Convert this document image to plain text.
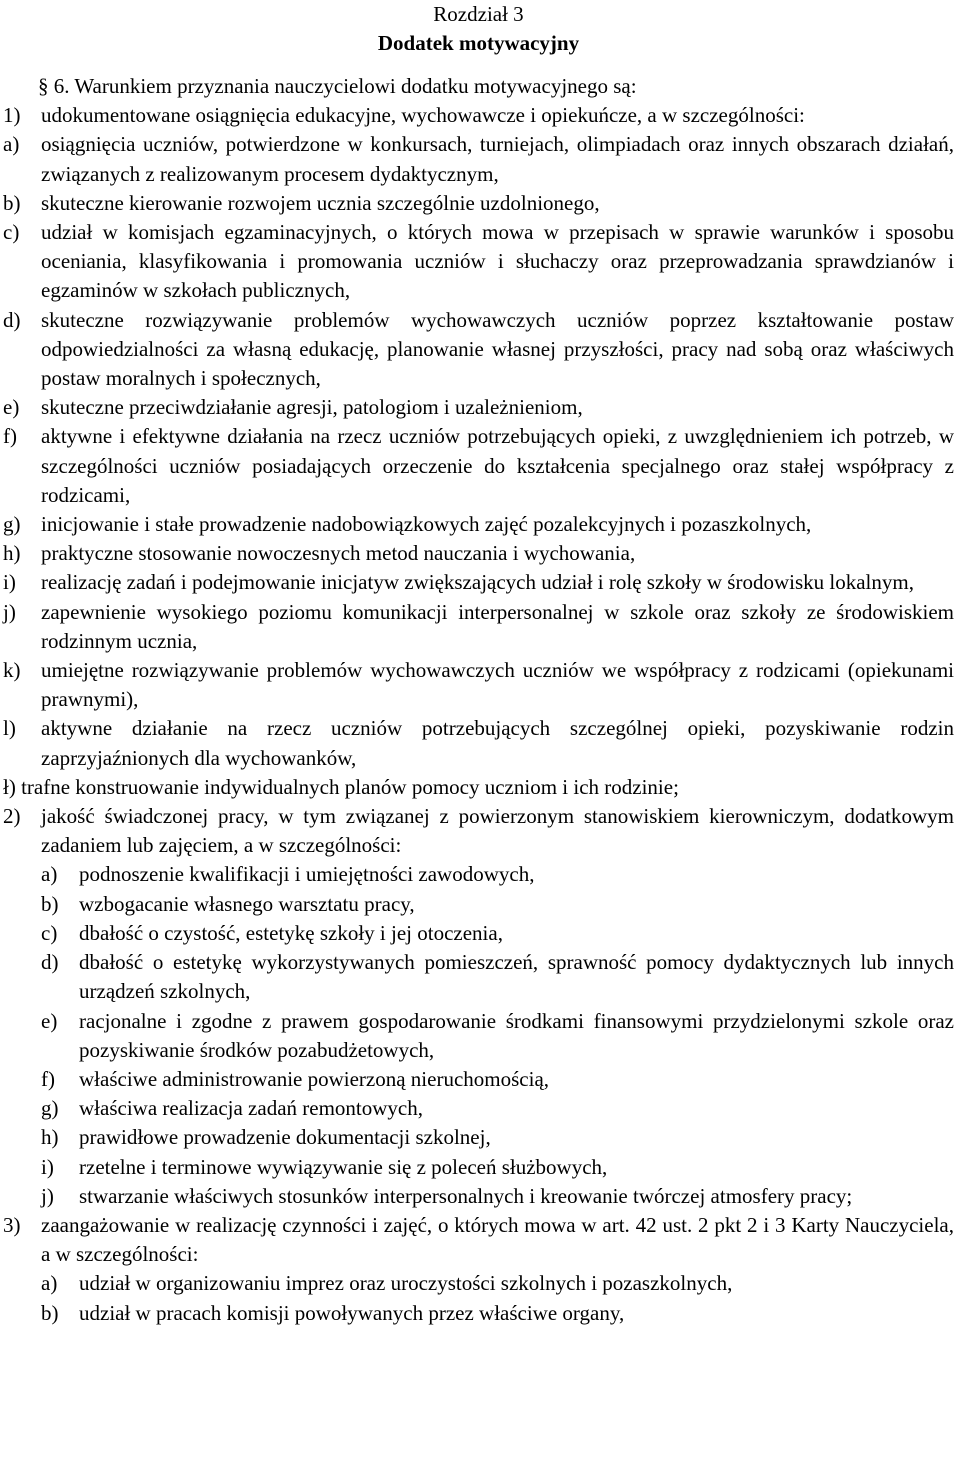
Rozdział 3

Dodatek motywacyjny

§ 6. Warunkiem przyznania nauczycielowi dodatku motywacyjnego są:

1) udokumentowane osiągnięcia edukacyjne, wychowawcze i opiekuńcze, a w szczególności:
a)	osiągnięcia uczniów, potwierdzone w konkursach, turniejach, olimpiadach oraz innych obszarach działań, związanych z realizowanym procesem dydaktycznym,
b) skuteczne kierowanie rozwojem ucznia szczególnie uzdolnionego,
c)	udział w komisjach egzaminacyjnych, o których mowa w przepisach w sprawie warunków i sposobu oceniania, klasyfikowania i promowania uczniów i słuchaczy oraz przeprowadzania sprawdzianów i egzaminów w szkołach publicznych,
d) skuteczne rozwiązywanie problemów wychowawczych uczniów poprzez kształtowanie postaw odpowiedzialności za własną edukację, planowanie własnej przyszłości, pracy nad sobą oraz właściwych postaw moralnych i społecznych,
e)	skuteczne przeciwdziałanie agresji, patologiom i uzależnieniom,
f)	aktywne i efektywne działania na rzecz uczniów potrzebujących opieki, z uwzględnieniem ich potrzeb, w szczególności uczniów posiadających orzeczenie do kształcenia specjalnego oraz stałej współpracy z rodzicami,
g) inicjowanie i stałe prowadzenie nadobowiązkowych zajęć pozalekcyjnych i pozaszkolnych,
h) praktyczne stosowanie nowoczesnych metod nauczania i wychowania,
i)	realizację zadań i podejmowanie inicjatyw zwiększających udział i rolę szkoły w środowisku lokalnym,
j)	zapewnienie wysokiego poziomu komunikacji interpersonalnej w szkole oraz szkoły ze środowiskiem rodzinnym ucznia,
k) umiejętne rozwiązywanie problemów wychowawczych uczniów we współpracy z rodzicami (opiekunami prawnymi),
l)	aktywne działanie na rzecz uczniów potrzebujących szczególnej opieki, pozyskiwanie rodzin zaprzyjaźnionych dla wychowanków,
ł) trafne konstruowanie indywidualnych planów pomocy uczniom i ich rodzinie;
2) jakość świadczonej pracy, w tym związanej z powierzonym stanowiskiem kierowniczym, dodatkowym zadaniem lub zajęciem, a w szczególności:
a)	podnoszenie kwalifikacji i umiejętności zawodowych,
b) wzbogacanie własnego warsztatu pracy,
c)	dbałość o czystość, estetykę szkoły i jej otoczenia,
d) dbałość o estetykę wykorzystywanych pomieszczeń, sprawność pomocy dydaktycznych lub innych urządzeń szkolnych,
e)	racjonalne i zgodne z prawem gospodarowanie środkami finansowymi przydzielonymi szkole oraz pozyskiwanie środków pozabudżetowych,
f)	właściwe administrowanie powierzoną nieruchomością,
g) właściwa realizacja zadań remontowych,
h) prawidłowe prowadzenie dokumentacji szkolnej,
i)	rzetelne i terminowe wywiązywanie się z poleceń służbowych,
j)	stwarzanie właściwych stosunków interpersonalnych i kreowanie twórczej atmosfery pracy;
3) zaangażowanie w realizację czynności i zajęć, o których mowa w art. 42 ust. 2 pkt 2 i 3 Karty Nauczyciela, a w szczególności:
a)	udział w organizowaniu imprez oraz uroczystości szkolnych i pozaszkolnych,
b) udział w pracach komisji powoływanych przez właściwe organy,
